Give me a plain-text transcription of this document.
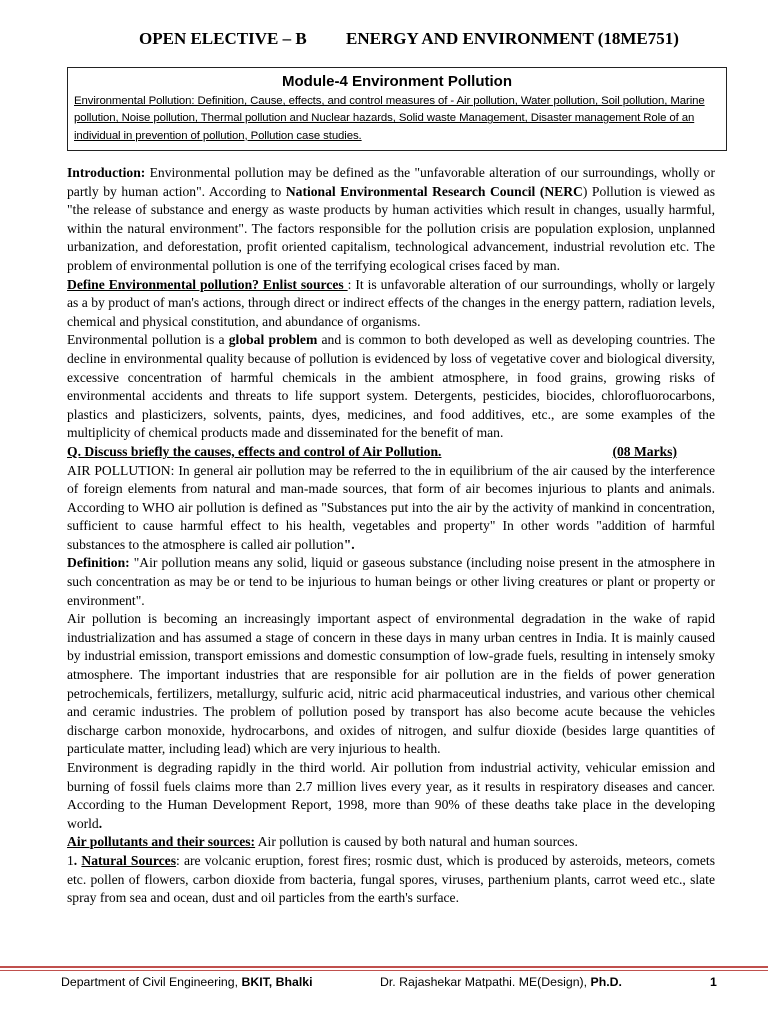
OPEN ELECTIVE – B ENERGY AND ENVIRONMENT (18ME751)
Module-4 Environment Pollution
Environmental Pollution: Definition, Cause, effects, and control measures of - Air pollution, Water pollution, Soil pollution, Marine pollution, Noise pollution, Thermal pollution and Nuclear hazards, Solid waste Management, Disaster management Role of an individual in prevention of pollution, Pollution case studies.

Introduction: Environmental pollution may be defined as the "unfavorable alteration of our surroundings, wholly or partly by human action". According to National Environmental Research Council (NERC) Pollution is viewed as "the release of substance and energy as waste products by human activities which result in changes, usually harmful, within the natural environment". The factors responsible for the pollution crisis are population explosion, unplanned urbanization, and deforestation, profit oriented capitalism, technological advancement, industrial revolution etc. The problem of environmental pollution is one of the terrifying ecological crises faced by man.

Define Environmental pollution? Enlist sources : It is unfavorable alteration of our surroundings, wholly or largely as a by product of man's actions, through direct or indirect effects of the changes in the energy pattern, radiation levels, chemical and physical constitution, and abundance of organisms.

Environmental pollution is a global problem and is common to both developed as well as developing countries. The decline in environmental quality because of pollution is evidenced by loss of vegetative cover and biological diversity, excessive concentration of harmful chemicals in the ambient atmosphere, in food grains, growing risks of environmental accidents and threats to life support system. Detergents, pesticides, biocides, chlorofluorocarbons, plastics and plasticizers, solvents, paints, dyes, medicines, and food additives, etc., are some examples of the multiplicity of chemical products made and disseminated for the benefit of man.

Q. Discuss briefly the causes, effects and control of Air Pollution.	(08 Marks)

AIR POLLUTION: In general air pollution may be referred to the in equilibrium of the air caused by the interference of foreign elements from natural and man-made sources, that form of air becomes injurious to plants and animals. According to WHO air pollution is defined as "Substances put into the air by the activity of mankind in concentration, sufficient to cause harmful effect to his health, vegetables and property" In other words "addition of harmful substances to the atmosphere is called air pollution".

Definition: "Air pollution means any solid, liquid or gaseous substance (including noise present in the atmosphere in such concentration as may be or tend to be injurious to human beings or other living creatures or plant or property or environment".

Air pollution is becoming an increasingly important aspect of environmental degradation in the wake of rapid industrialization and has assumed a stage of concern in these days in many urban centres in India. It is mainly caused by industrial emission, transport emissions and domestic consumption of low-grade fuels, resulting in intensely smoky atmosphere. The important industries that are responsible for air pollution are in the fields of power generation petrochemicals, fertilizers, metallurgy, sulfuric acid, nitric acid pharmaceutical industries, and various other chemical and ceramic industries. The problem of pollution posed by transport has also become acute because the vehicles discharge carbon monoxide, hydrocarbons, and oxides of nitrogen, and sulfur dioxide (besides large quantities of particulate matter, including lead) which are very injurious to health.

Environment is degrading rapidly in the third world. Air pollution from industrial activity, vehicular emission and burning of fossil fuels claims more than 2.7 million lives every year, as it results in respiratory diseases and cancer. According to the Human Development Report, 1998, more than 90% of these deaths take place in the developing world.

Air pollutants and their sources: Air pollution is caused by both natural and human sources.

1. Natural Sources: are volcanic eruption, forest fires; rosmic dust, which is produced by asteroids, meteors, comets etc. pollen of flowers, carbon dioxide from bacteria, fungal spores, viruses, parthenium plants, carrot weed etc., slate spray from sea and ocean, dust and oil particles from the earth's surface.

Department of Civil Engineering, BKIT, Bhalki	Dr. Rajashekar Matpathi. ME(Design), Ph.D.	1
